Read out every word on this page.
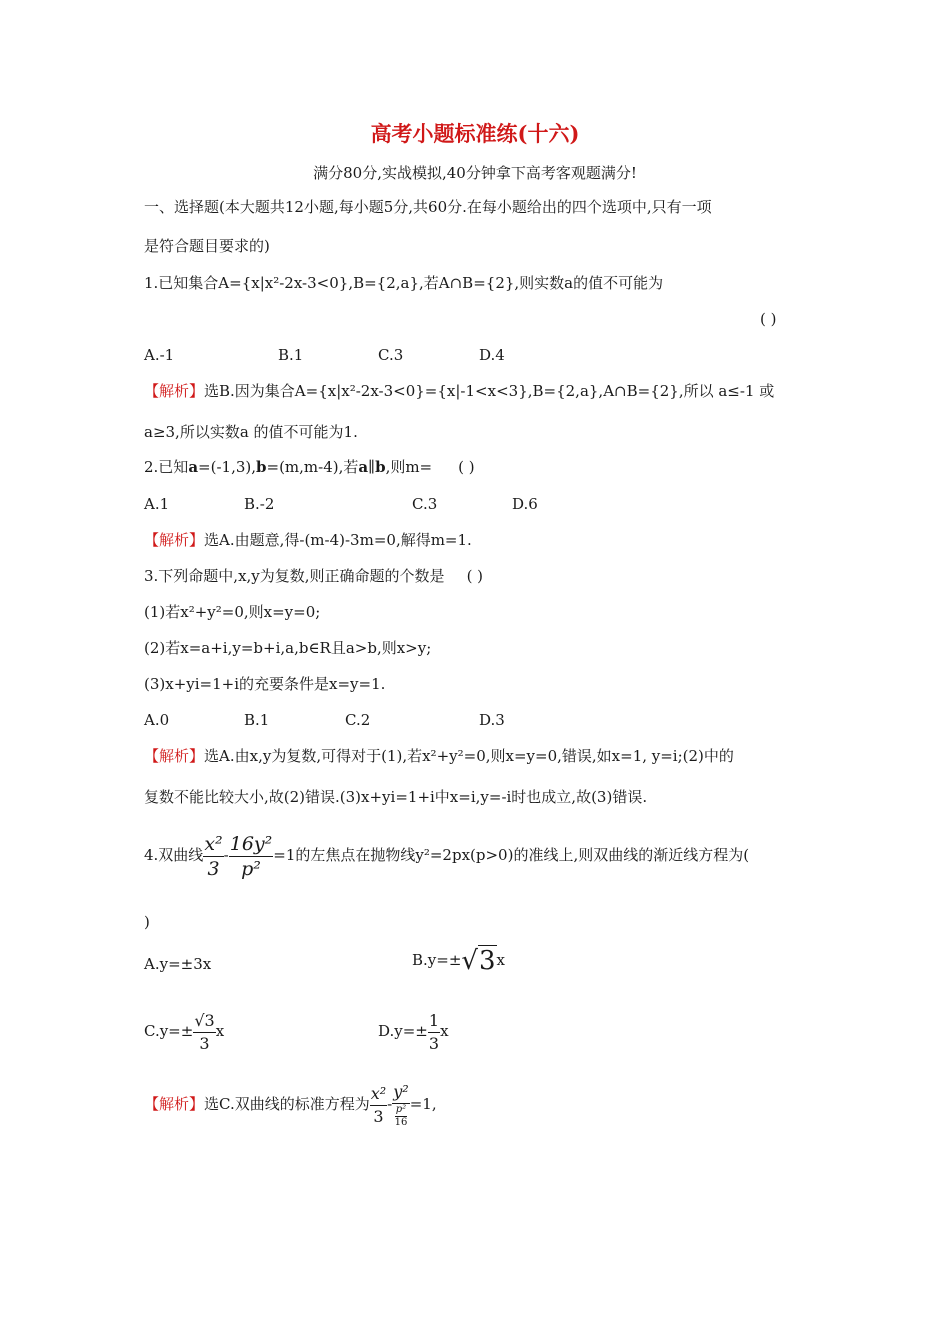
高考小题标准练(十六)
满分80分,实战模拟,40分钟拿下高考客观题满分!
一、选择题(本大题共12小题,每小题5分,共60分.在每小题给出的四个选项中,只有一项
是符合题目要求的)
1.已知集合A={x|x²-2x-3<0},B={2,a},若A∩B={2},则实数a的值不可能为
( )
A.-1	B.1	C.3	D.4
【解析】选B.因为集合A={x|x²-2x-3<0}={x|-1<x<3},B={2,a},A∩B={2},所以 a≤-1 或
a≥3,所以实数a 的值不可能为1.
2.已知a=(-1,3),b=(m,m-4),若a∥b,则m= ( )
A.1	B.-2	C.3	D.6
【解析】选A.由题意,得-(m-4)-3m=0,解得m=1.
3.下列命题中,x,y为复数,则正确命题的个数是 ( )
(1)若x²+y²=0,则x=y=0;
(2)若x=a+i,y=b+i,a,b∈R且a>b,则x>y;
(3)x+yi=1+i的充要条件是x=y=1.
A.0	B.1	C.2	D.3
【解析】选A.由x,y为复数,可得对于(1),若x²+y²=0,则x=y=0,错误,如x=1, y=i;(2)中的
复数不能比较大小,故(2)错误.(3)x+yi=1+i中x=i,y=-i时也成立,故(3)错误.
4.双曲线 $\frac{\text{x²}}{3} - \frac{\text{16y²}}{\text{p²}} =1$的左焦点在抛物线y²=2px(p>0)的准线上,则双曲线的渐近线方程为(
)
A.y=±3x	B.y=±√3x
$C.y=\pm \frac{√3}{3}$ x	$D.y=\pm \frac{1}{3}$ x
【解析】选C.双曲线的标准方程为 $\frac{\text{x²}}{3} - \frac{\text{y²}}{\frac{\text{p²}}{16}} =1$,
